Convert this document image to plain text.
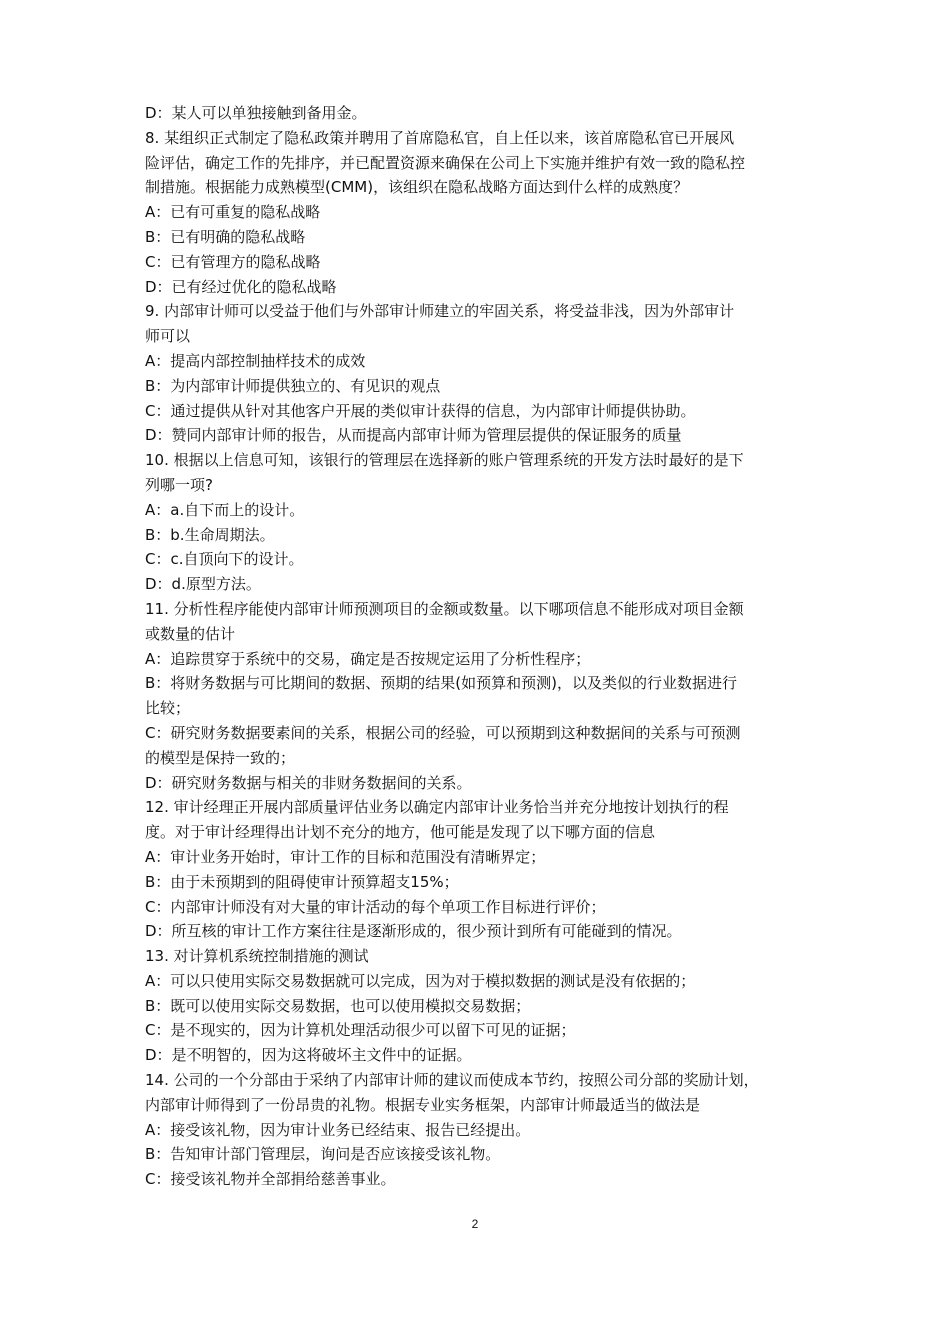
D：某人可以单独接触到备用金。
8. 某组织正式制定了隐私政策并聘用了首席隐私官，自上任以来，该首席隐私官已开展风
险评估，确定工作的先排序，并已配置资源来确保在公司上下实施并维护有效一致的隐私控
制措施。根据能力成熟模型(CMM)，该组织在隐私战略方面达到什么样的成熟度？
A：已有可重复的隐私战略
B：已有明确的隐私战略
C：已有管理方的隐私战略
D：已有经过优化的隐私战略
9. 内部审计师可以受益于他们与外部审计师建立的牢固关系，将受益非浅，因为外部审计
师可以
A：提高内部控制抽样技术的成效
B：为内部审计师提供独立的、有见识的观点
C：通过提供从针对其他客户开展的类似审计获得的信息，为内部审计师提供协助。
D：赞同内部审计师的报告，从而提高内部审计师为管理层提供的保证服务的质量
10. 根据以上信息可知，该银行的管理层在选择新的账户管理系统的开发方法时最好的是下
列哪一项?
A：a.自下而上的设计。
B：b.生命周期法。
C：c.自顶向下的设计。
D：d.原型方法。
11. 分析性程序能使内部审计师预测项目的金额或数量。以下哪项信息不能形成对项目金额
或数量的估计
A：追踪贯穿于系统中的交易，确定是否按规定运用了分析性程序；
B：将财务数据与可比期间的数据、预期的结果(如预算和预测)，以及类似的行业数据进行
比较；
C：研究财务数据要素间的关系，根据公司的经验，可以预期到这种数据间的关系与可预测
的模型是保持一致的；
D：研究财务数据与相关的非财务数据间的关系。
12. 审计经理正开展内部质量评估业务以确定内部审计业务恰当并充分地按计划执行的程
度。对于审计经理得出计划不充分的地方，他可能是发现了以下哪方面的信息
A：审计业务开始时，审计工作的目标和范围没有清晰界定；
B：由于未预期到的阻碍使审计预算超支15%；
C：内部审计师没有对大量的审计活动的每个单项工作目标进行评价；
D：所互核的审计工作方案往往是逐渐形成的，很少预计到所有可能碰到的情况。
13. 对计算机系统控制措施的测试
A：可以只使用实际交易数据就可以完成，因为对于模拟数据的测试是没有依据的；
B：既可以使用实际交易数据，也可以使用模拟交易数据；
C：是不现实的，因为计算机处理活动很少可以留下可见的证据；
D：是不明智的，因为这将破坏主文件中的证据。
14. 公司的一个分部由于采纳了内部审计师的建议而使成本节约，按照公司分部的奖励计划，
内部审计师得到了一份昂贵的礼物。根据专业实务框架，内部审计师最适当的做法是
A：接受该礼物，因为审计业务已经结束、报告已经提出。
B：告知审计部门管理层，询问是否应该接受该礼物。
C：接受该礼物并全部捐给慈善事业。
2
